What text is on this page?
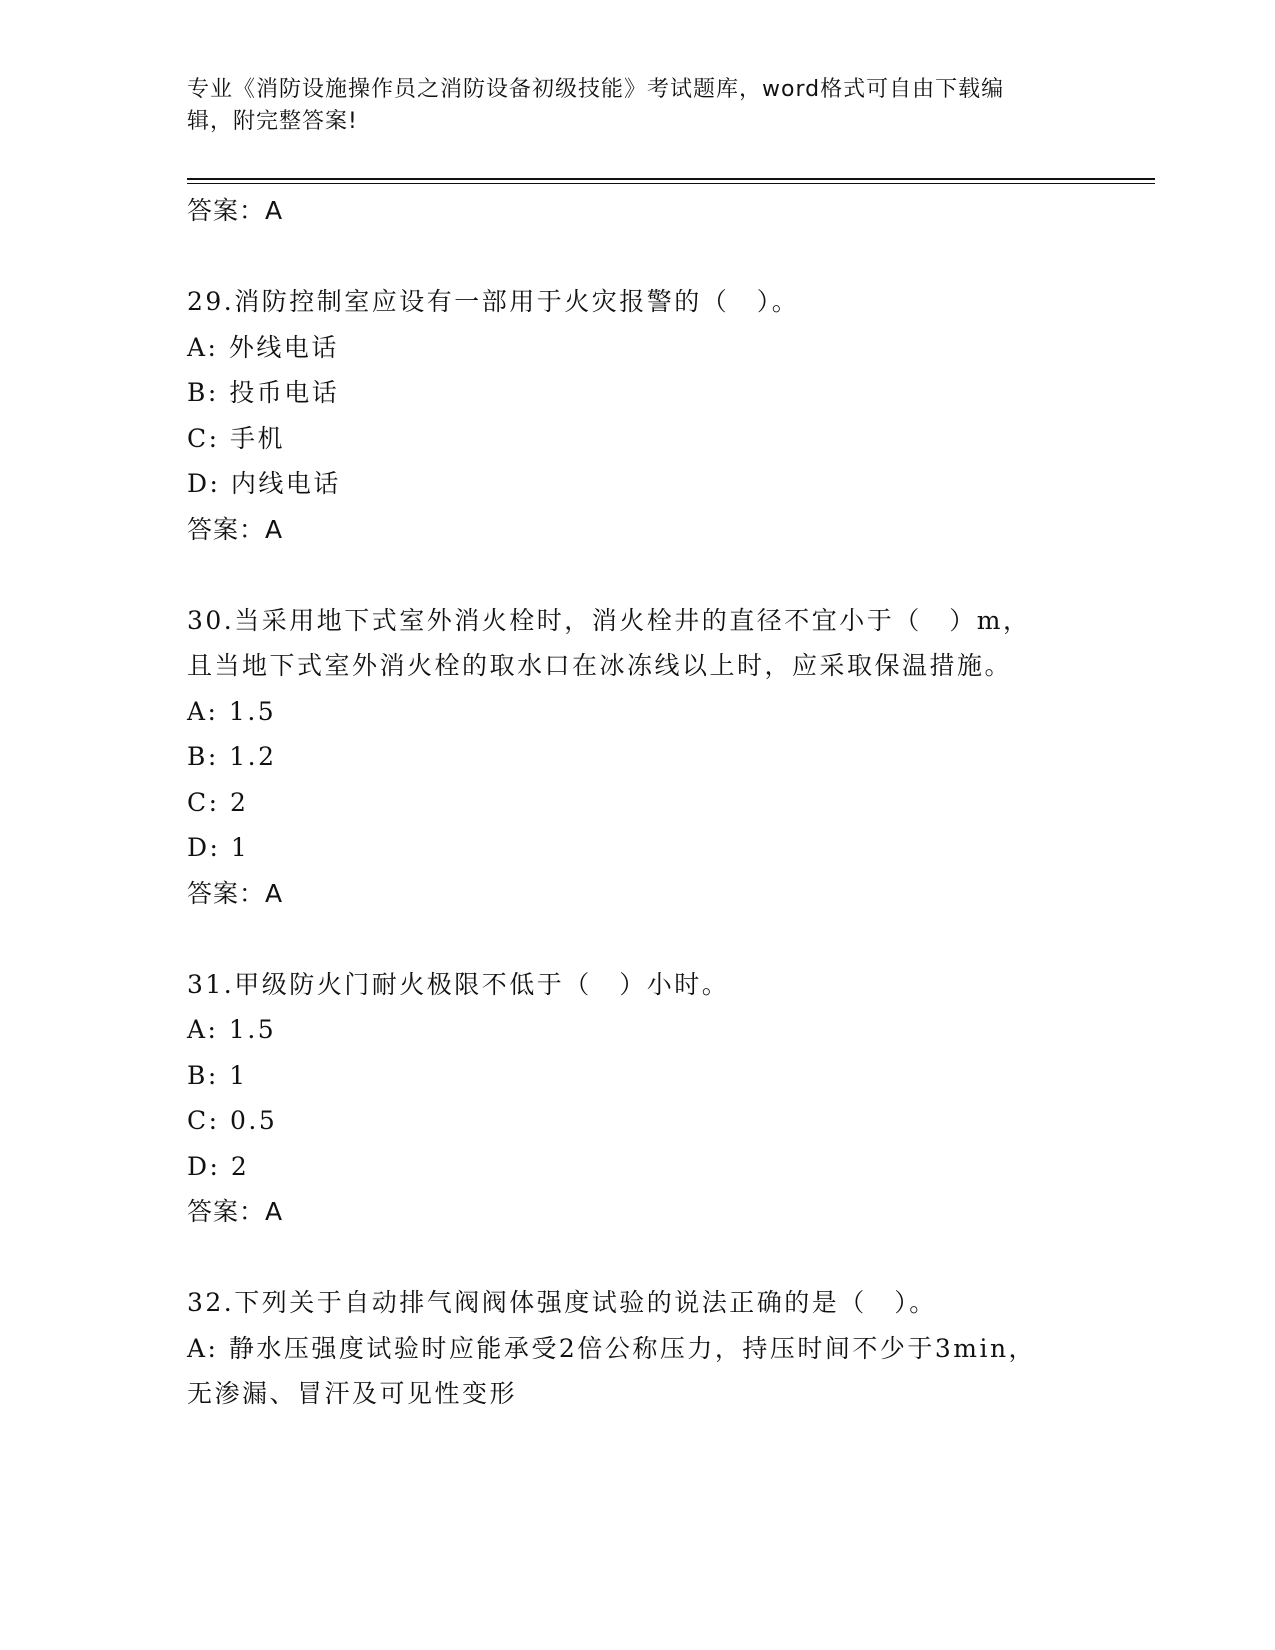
专业《消防设施操作员之消防设备初级技能》考试题库，word格式可自由下载编
辑，附完整答案!
答案：A
29.消防控制室应设有一部用于火灾报警的（　）。
A: 外线电话
B: 投币电话
C: 手机
D: 内线电话
答案：A
30.当采用地下式室外消火栓时，消火栓井的直径不宜小于（　）m，
且当地下式室外消火栓的取水口在冰冻线以上时，应采取保温措施。
A: 1.5
B: 1.2
C: 2
D: 1
答案：A
31.甲级防火门耐火极限不低于（　）小时。
A: 1.5
B: 1
C: 0.5
D: 2
答案：A
32.下列关于自动排气阀阀体强度试验的说法正确的是（　）。
A: 静水压强度试验时应能承受2倍公称压力，持压时间不少于3min，
无渗漏、冒汗及可见性变形
